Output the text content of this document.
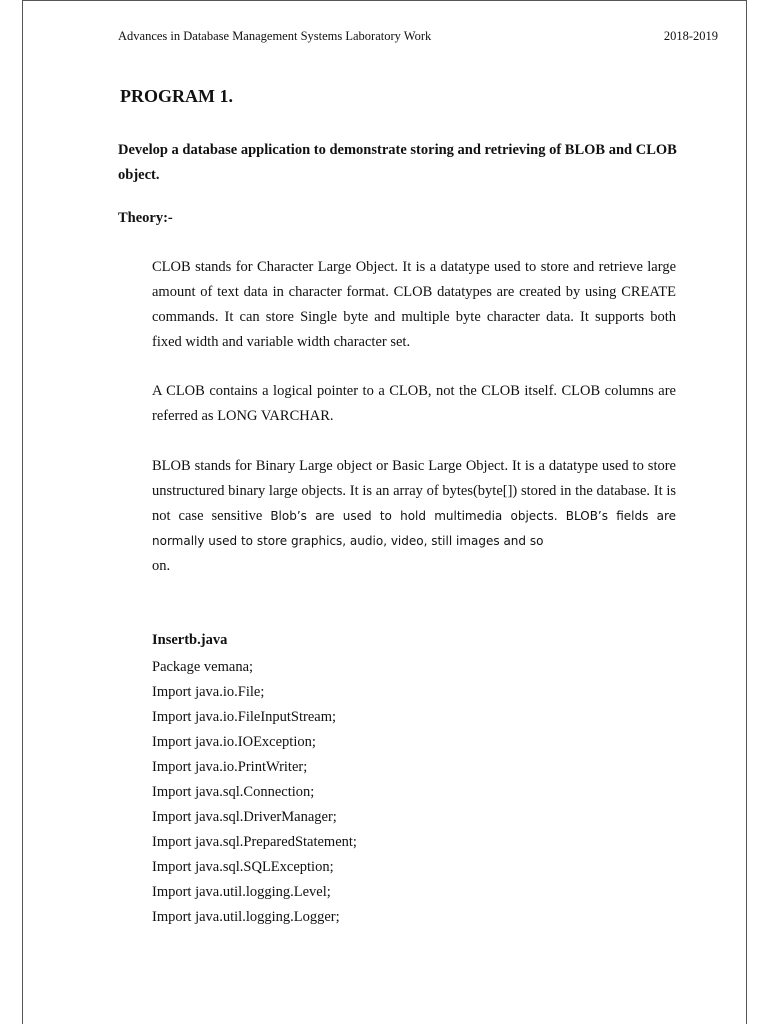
Advances in Database Management Systems Laboratory Work	2018-2019
PROGRAM 1.

Develop a database application to demonstrate storing and retrieving of BLOB and CLOB object.

Theory:-

CLOB stands for Character Large Object. It is a datatype used to store and retrieve large amount of text data in character format. CLOB datatypes are created by using CREATE commands. It can store Single byte and multiple byte character data. It supports both fixed width and variable width character set.

A CLOB contains a logical pointer to a CLOB, not the CLOB itself. CLOB columns are referred as LONG VARCHAR.

BLOB stands for Binary Large object or Basic Large Object. It is a datatype used to store unstructured binary large objects. It is an array of bytes(byte[]) stored in the database. It is not case sensitive Blob’s are used to hold multimedia objects. BLOB’s fields are normally used to store graphics, audio, video, still images and so
on.

Insertb.java
Package vemana;
Import java.io.File;
Import java.io.FileInputStream;
Import java.io.IOException;
Import java.io.PrintWriter;
Import java.sql.Connection;
Import java.sql.DriverManager;
Import java.sql.PreparedStatement;
Import java.sql.SQLException;
Import java.util.logging.Level;
Import java.util.logging.Logger;
